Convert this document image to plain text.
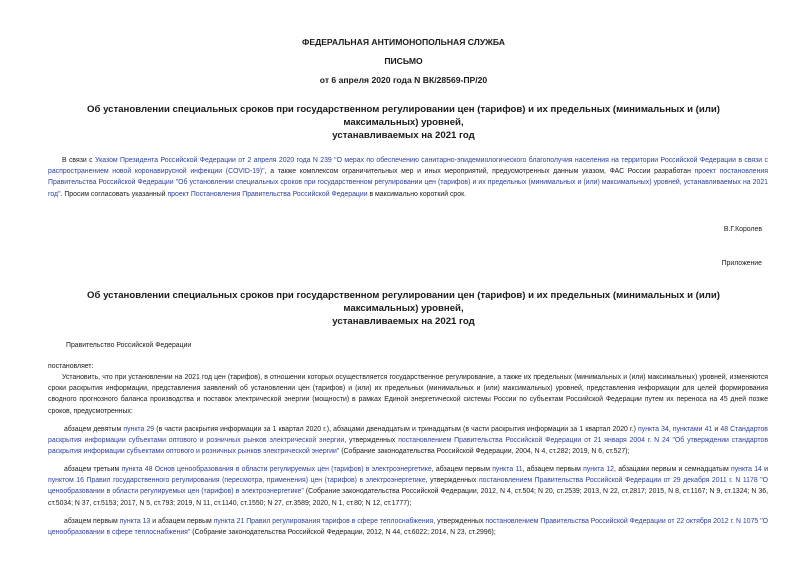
ФЕДЕРАЛЬНАЯ АНТИМОНОПОЛЬНАЯ СЛУЖБА
ПИСЬМО
от 6 апреля 2020 года N ВК/28569-ПР/20
Об установлении специальных сроков при государственном регулировании цен (тарифов) и их предельных (минимальных и (или) максимальных) уровней,
устанавливаемых на 2021 год
В связи с Указом Президента Российской Федерации от 2 апреля 2020 года N 239 "О мерах по обеспечению санитарно-эпидемиологического благополучия населения на территории Российской Федерации в связи с распространением новой коронавирусной инфекции (COVID-19)", а также комплексом ограничительных мер и иных мероприятий, предусмотренных данным указом, ФАС России разработан проект постановления Правительства Российской Федерации "Об установлении специальных сроков при государственном регулировании цен (тарифов) и их предельных (минимальных и (или) максимальных) уровней, устанавливаемых на 2021 год". Просим согласовать указанный проект Постановления Правительства Российской Федерации в максимально короткий срок.
В.Г.Королев
Приложение
Об установлении специальных сроков при государственном регулировании цен (тарифов) и их предельных (минимальных и (или) максимальных) уровней,
устанавливаемых на 2021 год
Правительство Российской Федерации
постановляет:
Установить, что при установлении на 2021 год цен (тарифов), в отношении которых осуществляется государственное регулирование, а также их предельных (минимальных и (или) максимальных) уровней, изменяются сроки раскрытия информации, представления заявлений об установлении цен (тарифов) и (или) их предельных (минимальных и (или) максимальных) уровней, представления информации для целей формирования сводного прогнозного баланса производства и поставок электрической энергии (мощности) в рамках Единой энергетической системы России по субъектам Российской Федерации путем их переноса на 45 дней позже сроков, предусмотренных:
абзацем девятым пункта 29 (в части раскрытия информации за 1 квартал 2020 г.), абзацами двенадцатым и тринадцатым (в части раскрытия информации за 1 квартал 2020 г.) пункта 34, пунктами 41 и 48 Стандартов раскрытия информации субъектами оптового и розничных рынков электрической энергии, утвержденных постановлением Правительства Российской Федерации от 21 января 2004 г. N 24 "Об утверждении стандартов раскрытия информации субъектами оптового и розничных рынков электрической энергии" (Собрание законодательства Российской Федерации, 2004, N 4, ст.282; 2019, N 6, ст.527);
абзацем третьим пункта 48 Основ ценообразования в области регулируемых цен (тарифов) в электроэнергетике, абзацем первым пункта 11, абзацем первым пункта 12, абзацами первым и семнадцатым пункта 14 и пунктом 16 Правил государственного регулирования (пересмотра, применения) цен (тарифов) в электроэнергетике, утвержденных постановлением Правительства Российской Федерации от 29 декабря 2011 г. N 1178 "О ценообразовании в области регулируемых цен (тарифов) в электроэнергетике" (Собрание законодательства Российской Федерации, 2012, N 4, ст.504; N 20, ст.2539; 2013, N 22, ст.2817; 2015, N 8, ст.1167; N 9, ст.1324; N 36, ст.5034; N 37, ст.5153; 2017, N 5, ст.793; 2019, N 11, ст.1140, ст.1550; N 27, ст.3589; 2020, N 1, ст.80; N 12, ст.1777);
абзацем первым пункта 13 и абзацем первым пункта 21 Правил регулирования тарифов в сфере теплоснабжения, утвержденных постановлением Правительства Российской Федерации от 22 октября 2012 г. N 1075 "О ценообразовании в сфере теплоснабжения" (Собрание законодательства Российской Федерации, 2012, N 44, ст.6022; 2014, N 23, ст.2996);
